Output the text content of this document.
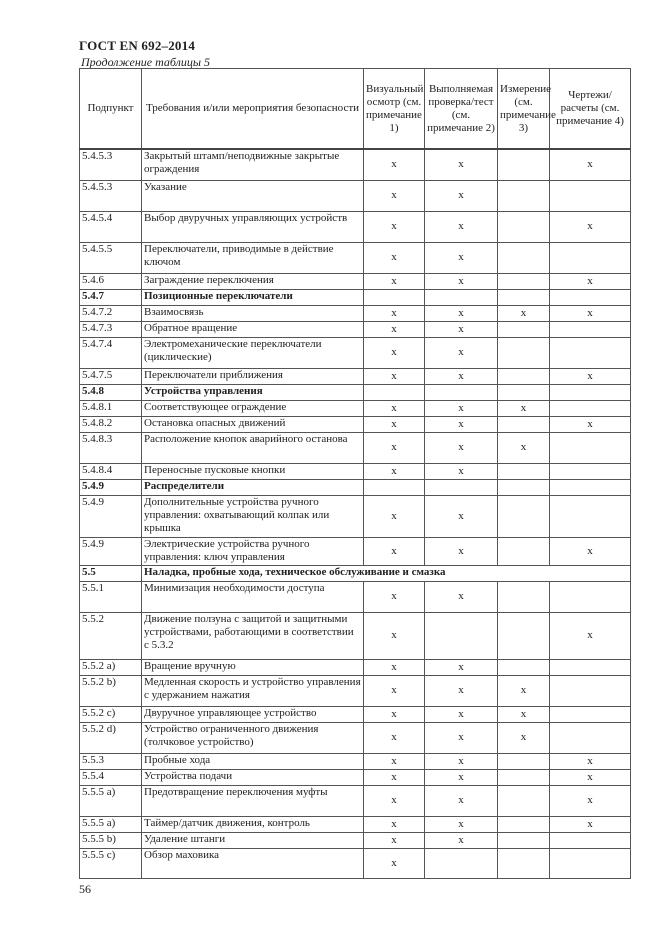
ГОСТ EN 692–2014
Продолжение таблицы 5
Подпункт	Требования и/или мероприятия безопасности	Визуальный осмотр (см. примечание 1)	Выполняемая проверка/тест (см. примечание 2)	Измерение (см. примечание 3)	Чертежи/расчеты (см. примечание 4)
5.4.5.3	Закрытый штамп/неподвижные закрытые ограждения	x	x		x
5.4.5.3	Указание	x	x		
5.4.5.4	Выбор двуручных управляющих устройств	x	x		x
5.4.5.5	Переключатели, приводимые в действие ключом	x	x		
5.4.6	Заграждение переключения	x	x		x
5.4.7	Позиционные переключатели				
5.4.7.2	Взаимосвязь	x	x	x	x
5.4.7.3	Обратное вращение	x	x		
5.4.7.4	Электромеханические переключатели (циклические)	x	x		
5.4.7.5	Переключатели приближения	x	x		x
5.4.8	Устройства управления				
5.4.8.1	Соответствующее ограждение	x	x	x	
5.4.8.2	Остановка опасных движений	x	x		x
5.4.8.3	Расположение кнопок аварийного останова	x	x	x	
5.4.8.4	Переносные пусковые кнопки	x	x		
5.4.9	Распределители				
5.4.9	Дополнительные устройства ручного управления: охватывающий колпак или крышка	x	x		
5.4.9	Электрические устройства ручного управления: ключ управления	x	x		x
5.5	Наладка, пробные хода, техническое обслуживание и смазка				
5.5.1	Минимизация необходимости доступа	x	x		
5.5.2	Движение ползуна с защитой и защитными устройствами, работающими в соответствии с 5.3.2	x			x
5.5.2 a)	Вращение вручную	x	x		
5.5.2 b)	Медленная скорость и устройство управления с удержанием нажатия	x	x	x	
5.5.2 c)	Двуручное управляющее устройство	x	x	x	
5.5.2 d)	Устройство ограниченного движения (толчковое устройство)	x	x	x	
5.5.3	Пробные хода	x	x		x
5.5.4	Устройства подачи	x	x		x
5.5.5 a)	Предотвращение переключения муфты	x	x		x
5.5.5 a)	Таймер/датчик движения, контроль	x	x		x
5.5.5 b)	Удаление штанги	x	x		
5.5.5 c)	Обзор маховика	x			
56
